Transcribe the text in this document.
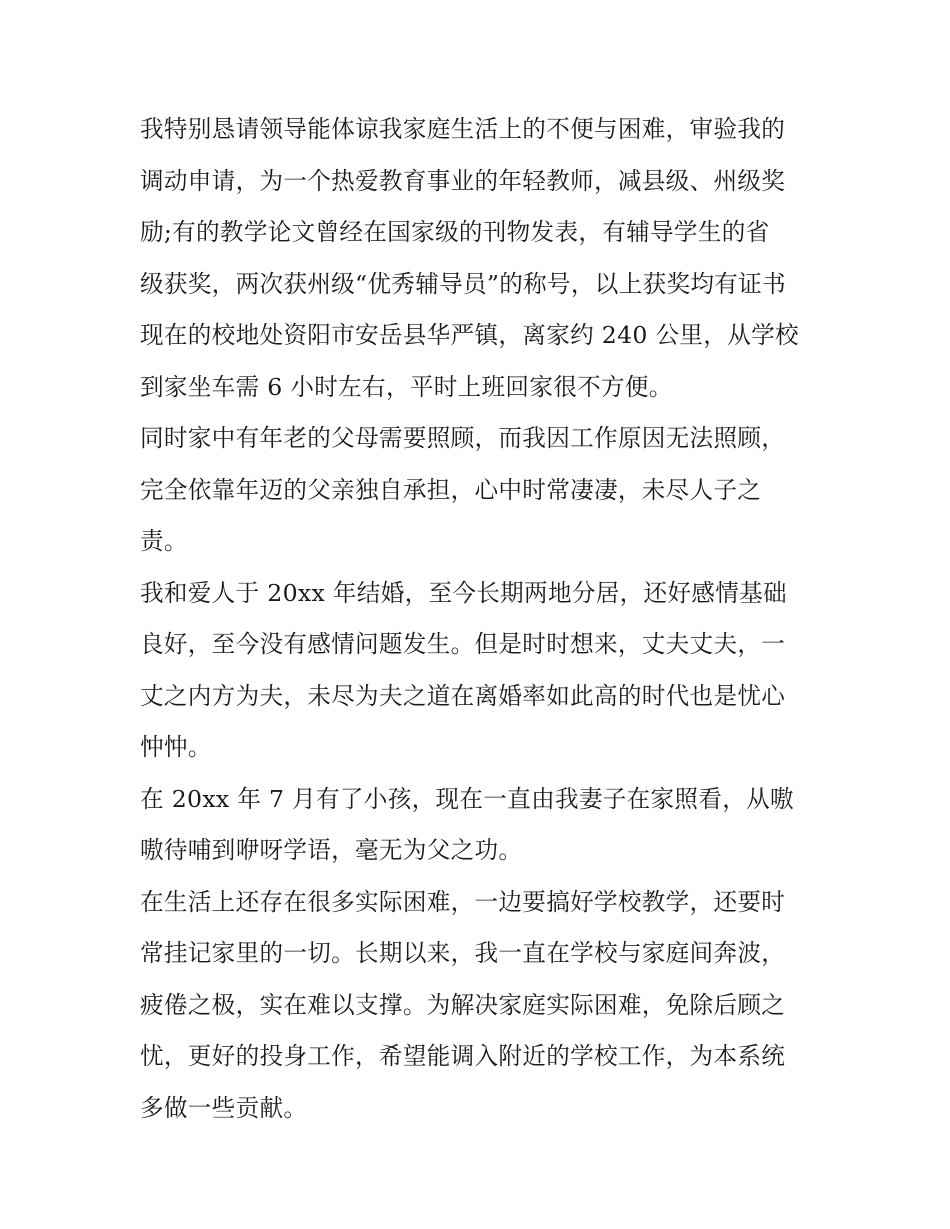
我特别恳请领导能体谅我家庭生活上的不便与困难，审验我的
调动申请，为一个热爱教育事业的年轻教师，减县级、州级奖
励;有的教学论文曾经在国家级的刊物发表，有辅导学生的省
级获奖，两次获州级“优秀辅导员”的称号，以上获奖均有证书
现在的校地处资阳市安岳县华严镇，离家约 240 公里，从学校
到家坐车需 6 小时左右，平时上班回家很不方便。
同时家中有年老的父母需要照顾，而我因工作原因无法照顾，
完全依靠年迈的父亲独自承担，心中时常凄凄，未尽人子之
责。
我和爱人于 20xx 年结婚，至今长期两地分居，还好感情基础
良好，至今没有感情问题发生。但是时时想来，丈夫丈夫，一
丈之内方为夫，未尽为夫之道在离婚率如此高的时代也是忧心
忡忡。
在 20xx 年 7 月有了小孩，现在一直由我妻子在家照看，从嗷
嗷待哺到咿呀学语，毫无为父之功。
在生活上还存在很多实际困难，一边要搞好学校教学，还要时
常挂记家里的一切。长期以来，我一直在学校与家庭间奔波，
疲倦之极，实在难以支撑。为解决家庭实际困难，免除后顾之
忧，更好的投身工作，希望能调入附近的学校工作，为本系统
多做一些贡献。
